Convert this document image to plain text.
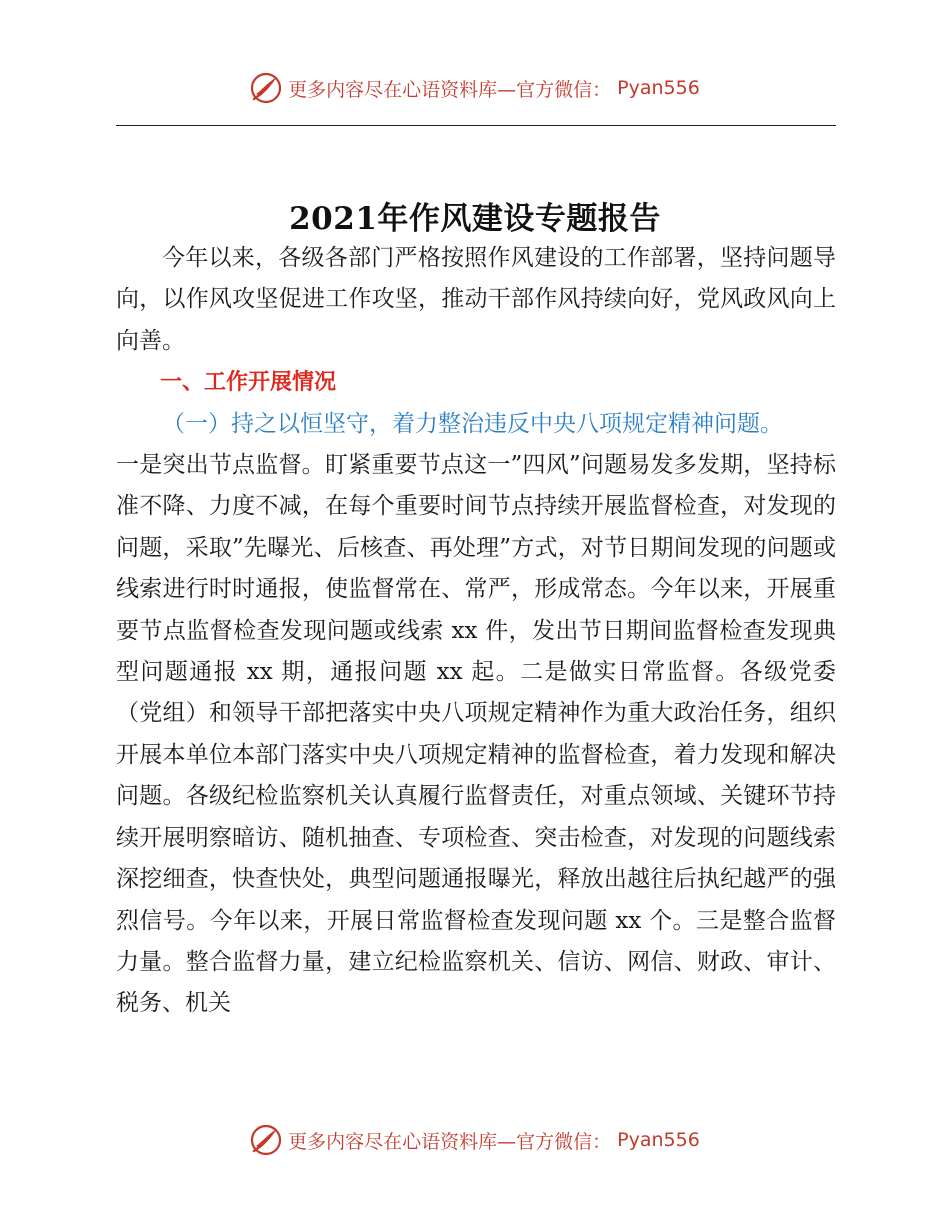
更多内容尽在心语资料库—官方微信： Pyan556
2021年作风建设专题报告

今年以来，各级各部门严格按照作风建设的工作部署，坚持问题导向，以作风攻坚促进工作攻坚，推动干部作风持续向好，党风政风向上向善。

一、工作开展情况

（一）持之以恒坚守，着力整治违反中央八项规定精神问题。

一是突出节点监督。盯紧重要节点这一”四风”问题易发多发期，坚持标准不降、力度不减，在每个重要时间节点持续开展监督检查，对发现的问题，采取”先曝光、后核查、再处理”方式，对节日期间发现的问题或线索进行时时通报，使监督常在、常严，形成常态。今年以来，开展重要节点监督检查发现问题或线索 xx 件，发出节日期间监督检查发现典型问题通报 xx 期，通报问题 xx 起。二是做实日常监督。各级党委（党组）和领导干部把落实中央八项规定精神作为重大政治任务，组织开展本单位本部门落实中央八项规定精神的监督检查，着力发现和解决问题。各级纪检监察机关认真履行监督责任，对重点领域、关键环节持续开展明察暗访、随机抽查、专项检查、突击检查，对发现的问题线索深挖细查，快查快处，典型问题通报曝光，释放出越往后执纪越严的强烈信号。今年以来，开展日常监督检查发现问题 xx 个。三是整合监督力量。整合监督力量，建立纪检监察机关、信访、网信、财政、审计、税务、机关

更多内容尽在心语资料库—官方微信： Pyan556
